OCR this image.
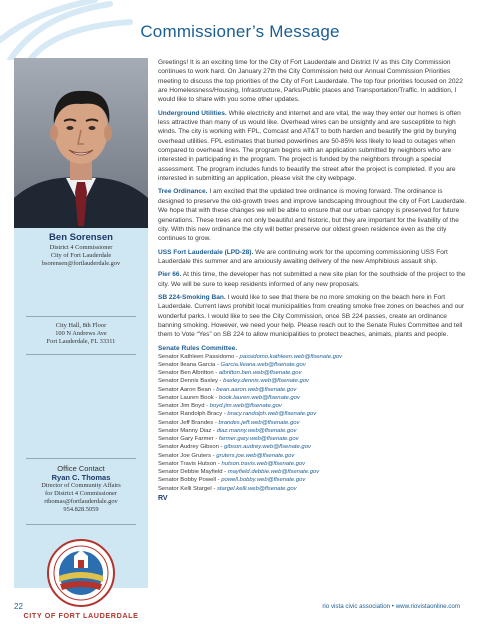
Commissioner’s Message
Ben Sorensen
District 4 Commissioner
City of Fort Lauderdale
bsorensen@fortlauderdale.gov
City Hall, 8th Floor
100 N Andrews Ave
Fort Lauderdale, FL 33311
Office Contact
Ryan C. Thomas
Director of Community Affairs
for District 4 Commissioner
rthomas@fortlauderdale.gov
954.828.5059
CITY OF FORT LAUDERDALE

Greetings! It is an exciting time for the City of Fort Lauderdale and District IV as this City Commission continues to work hard. On January 27th the City Commission held our Annual Commission Priorities meeting to discuss the top priorities of the City of Fort Lauderdale. The top four priorities focused on 2022 are Homelessness/Housing, Infrastructure, Parks/Public places and Transportation/Traffic. In addition, I would like to share with you some other updates.

Underground Utilities. While electricity and internet and are vital, the way they enter our homes is often less attractive than many of us would like. Overhead wires can be unsightly and are susceptible to high winds. The city is working with FPL, Comcast and AT&T to both harden and beautify the grid by burying overhead utilities. FPL estimates that buried powerlines are 50-85% less likely to lead to outages when compared to overhead lines. The program begins with an application submitted by neighbors who are interested in participating in the program. The project is funded by the neighbors through a special assessment. The program includes funds to beautify the street after the project is completed. If you are interested in submitting an application, please visit the city webpage.

Tree Ordinance. I am excited that the updated tree ordinance is moving forward. The ordinance is designed to preserve the old-growth trees and improve landscaping throughout the city of Fort Lauderdale. We hope that with these changes we will be able to ensure that our urban canopy is preserved for future generations. These trees are not only beautiful and historic, but they are important for the livability of the city. With this new ordinance the city will better preserve our oldest green residence even as the city continues to grow.

USS Fort Lauderdale (LPD-28). We are continuing work for the upcoming commissioning USS Fort Lauderdale this summer and are anxiously awaiting delivery of the new Amphibious assault ship.

Pier 66. At this time, the developer has not submitted a new site plan for the southside of the project to the city. We will be sure to keep residents informed of any new proposals.

SB 224-Smoking Ban. I would like to see that there be no more smoking on the beach here in Fort Lauderdale. Current laws prohibit local municipalities from creating smoke free zones on beaches and our wonderful parks. I would like to see the City Commission, once SB 224 passes, create an ordinance banning smoking. However, we need your help. Please reach out to the Senate Rules Committee and tell them to Vote “Yes” on SB 224 to allow municipalities to protect beaches, animals, plants and people.

Senate Rules Committee.
Senator Kathleen Passidomo - passidomo.kathleen.web@flsenate.gov
Senator Ileana Garcia - Garcia.Ileana.web@flsenate.gov
Senator Ben Albritton - albritton.ben.web@flsenate.gov
Senator Dennis Baxley - baxley.dennis.web@flsenate.gov
Senator Aaron Bean - bean.aaron.web@flsenate.gov
Senator Lauren Book - book.lauren.web@flsenate.gov
Senator Jim Boyd - boyd.jim.web@flsenate.gov
Senator Randolph Bracy - bracy.randolph.web@flsenate.gov
Senator Jeff Brandes - brandes.jeff.web@flsenate.gov
Senator Manny Diaz - diaz.manny.web@flsenate.gov
Senator Gary Farmer - farmer.gary.web@flsenate.gov
Senator Audrey Gibson - gibson.audrey.web@flsenate.gov
Senator Joe Gruters - gruters.joe.web@flsenate.gov
Senator Travis Hutson - hutson.travis.web@flsenate.gov
Senator Debbie Mayfield - mayfield.debbie.web@flsenate.gov
Senator Bobby Powell - powell.bobby.web@flsenate.gov
Senator Kelli Stargel - stargel.kelli.web@flsenate.gov
RV
22	rio vista civic association • www.riovistaonline.com
